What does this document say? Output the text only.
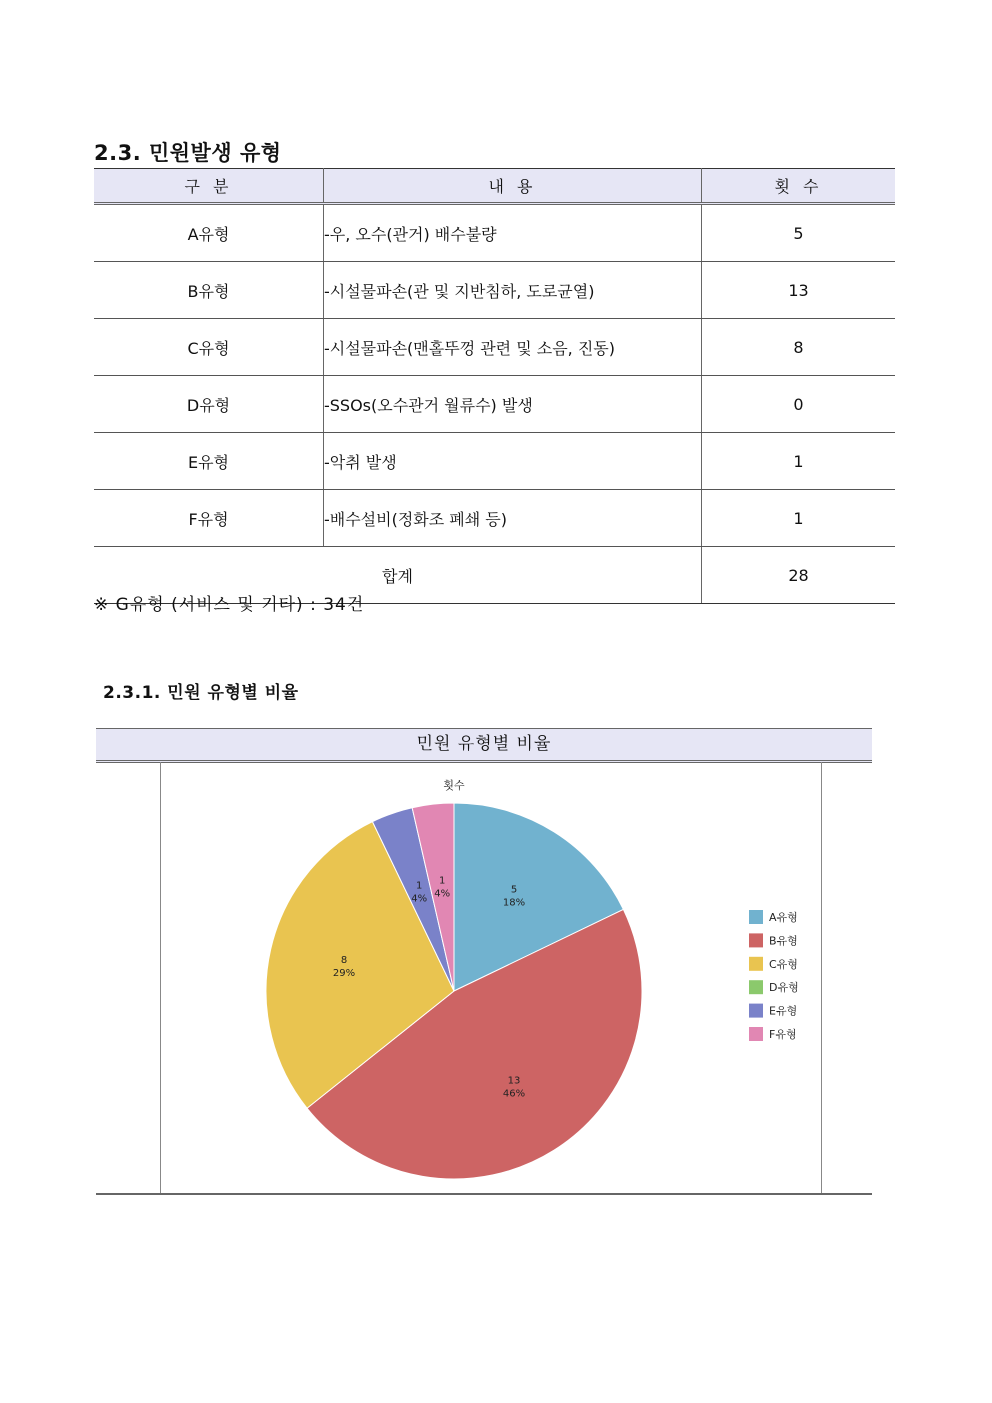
2.3. 민원발생 유형
구 분	내 용	횟 수
A유형	-우, 오수(관거) 배수불량	5
B유형	-시설물파손(관 및 지반침하, 도로균열)	13
C유형	-시설물파손(맨홀뚜껑 관련 및 소음, 진동)	8
D유형	-SSOs(오수관거 월류수) 발생	0
E유형	-악취 발생	1
F유형	-배수설비(정화조 폐쇄 등)	1
합계		28
※ G유형 (서비스 및 기타) : 34건
2.3.1. 민원 유형별 비율
민원 유형별 비율
횟수
5
18%
13
46%
8
29%
1
4%
1
4%
A유형
B유형
C유형
D유형
E유형
F유형
